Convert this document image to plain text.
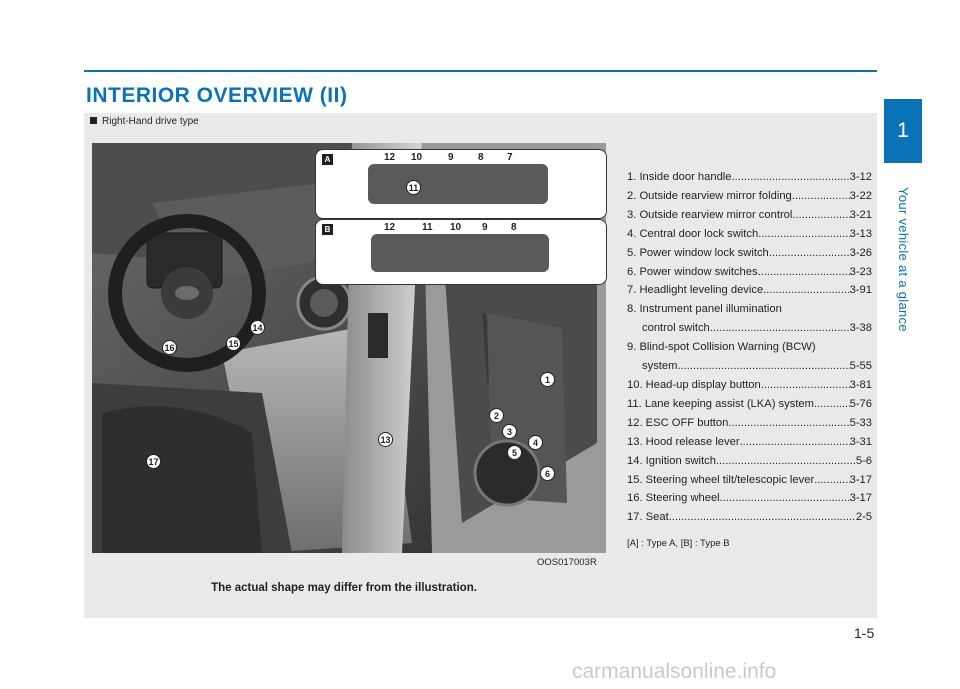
INTERIOR OVERVIEW (II)
1
Your vehicle at a glance
Right-Hand drive type
A	12 10	9 8 7
11
B	12	11 10 9 8
1
2
3
4
5
6
13
14
15
16
17
OOS017003R
The actual shape may differ from the illustration.
1. Inside door handle .....	3-12
2. Outside rearview mirror folding .....	3-22
3. Outside rearview mirror control .....	3-21
4. Central door lock switch .....	3-13
5. Power window lock switch .....	3-26
6. Power window switches .....	3-23
7. Headlight leveling device .....	3-91
8. Instrument panel illumination
control switch .....	3-38
9. Blind-spot Collision Warning (BCW)
system .....	5-55
10. Head-up display button .....	3-81
11. Lane keeping assist (LKA) system .....	5-76
12. ESC OFF button .....	5-33
13. Hood release lever .....	3-31
14. Ignition switch .....	5-6
15. Steering wheel tilt/telescopic lever .....	3-17
16. Steering wheel .....	3-17
17. Seat .....	2-5
[A] : Type A, [B] : Type B
1-5
carmanualsonline.info
